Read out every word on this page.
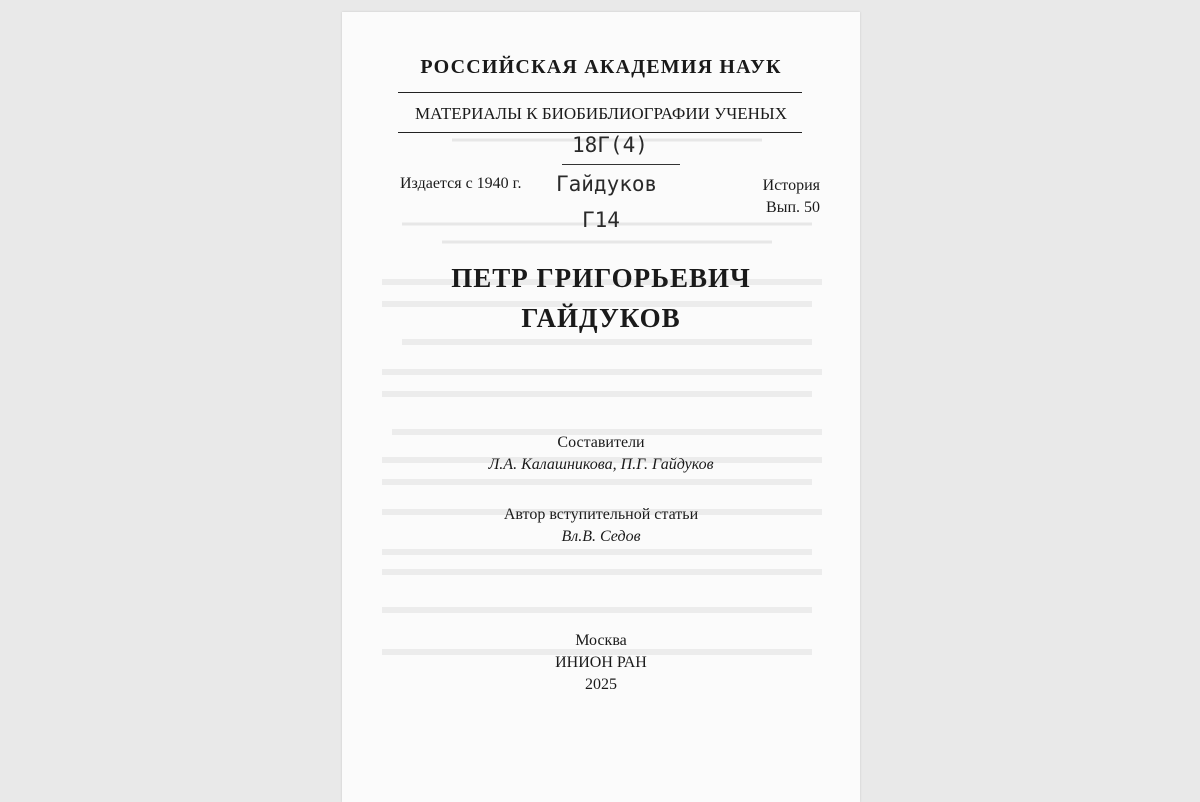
РОССИЙСКАЯ АКАДЕМИЯ НАУК
МАТЕРИАЛЫ К БИОБИБЛИОГРАФИИ УЧЕНЫХ
18Г(4)
Гайдуков
Г14
Издается с 1940 г.	История
Вып. 50
ПЕТР ГРИГОРЬЕВИЧ
ГАЙДУКОВ
Составители
Л.А. Калашникова, П.Г. Гайдуков
Автор вступительной статьи
Вл.В. Седов
Москва
ИНИОН РАН
2025
